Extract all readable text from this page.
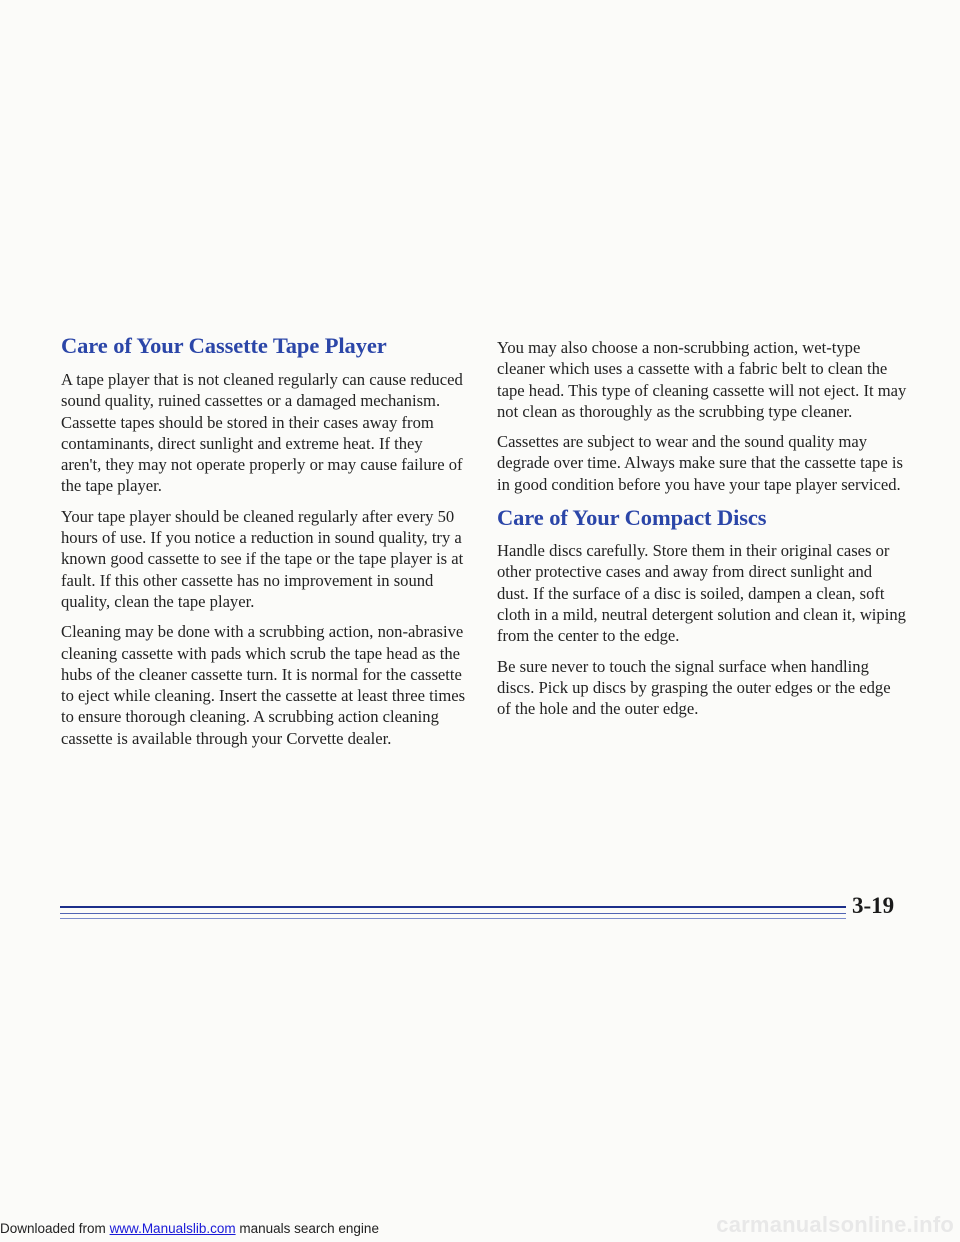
Care of Your Cassette Tape Player

A tape player that is not cleaned regularly can cause reduced sound quality, ruined cassettes or a damaged mechanism. Cassette tapes should be stored in their cases away from contaminants, direct sunlight and extreme heat. If they aren't, they may not operate properly or may cause failure of the tape player.

Your tape player should be cleaned regularly after every 50 hours of use. If you notice a reduction in sound quality, try a known good cassette to see if the tape or the tape player is at fault. If this other cassette has no improvement in sound quality, clean the tape player.

Cleaning may be done with a scrubbing action, non-abrasive cleaning cassette with pads which scrub the tape head as the hubs of the cleaner cassette turn. It is normal for the cassette to eject while cleaning. Insert the cassette at least three times to ensure thorough cleaning. A scrubbing action cleaning cassette is available through your Corvette dealer.

You may also choose a non-scrubbing action, wet-type cleaner which uses a cassette with a fabric belt to clean the tape head. This type of cleaning cassette will not eject. It may not clean as thoroughly as the scrubbing type cleaner.

Cassettes are subject to wear and the sound quality may degrade over time. Always make sure that the cassette tape is in good condition before you have your tape player serviced.

Care of Your Compact Discs

Handle discs carefully. Store them in their original cases or other protective cases and away from direct sunlight and dust. If the surface of a disc is soiled, dampen a clean, soft cloth in a mild, neutral detergent solution and clean it, wiping from the center to the edge.

Be sure never to touch the signal surface when handling discs. Pick up discs by grasping the outer edges or the edge of the hole and the outer edge.

3-19
Downloaded from www.Manualslib.com manuals search engine	carmanualsonline.info
